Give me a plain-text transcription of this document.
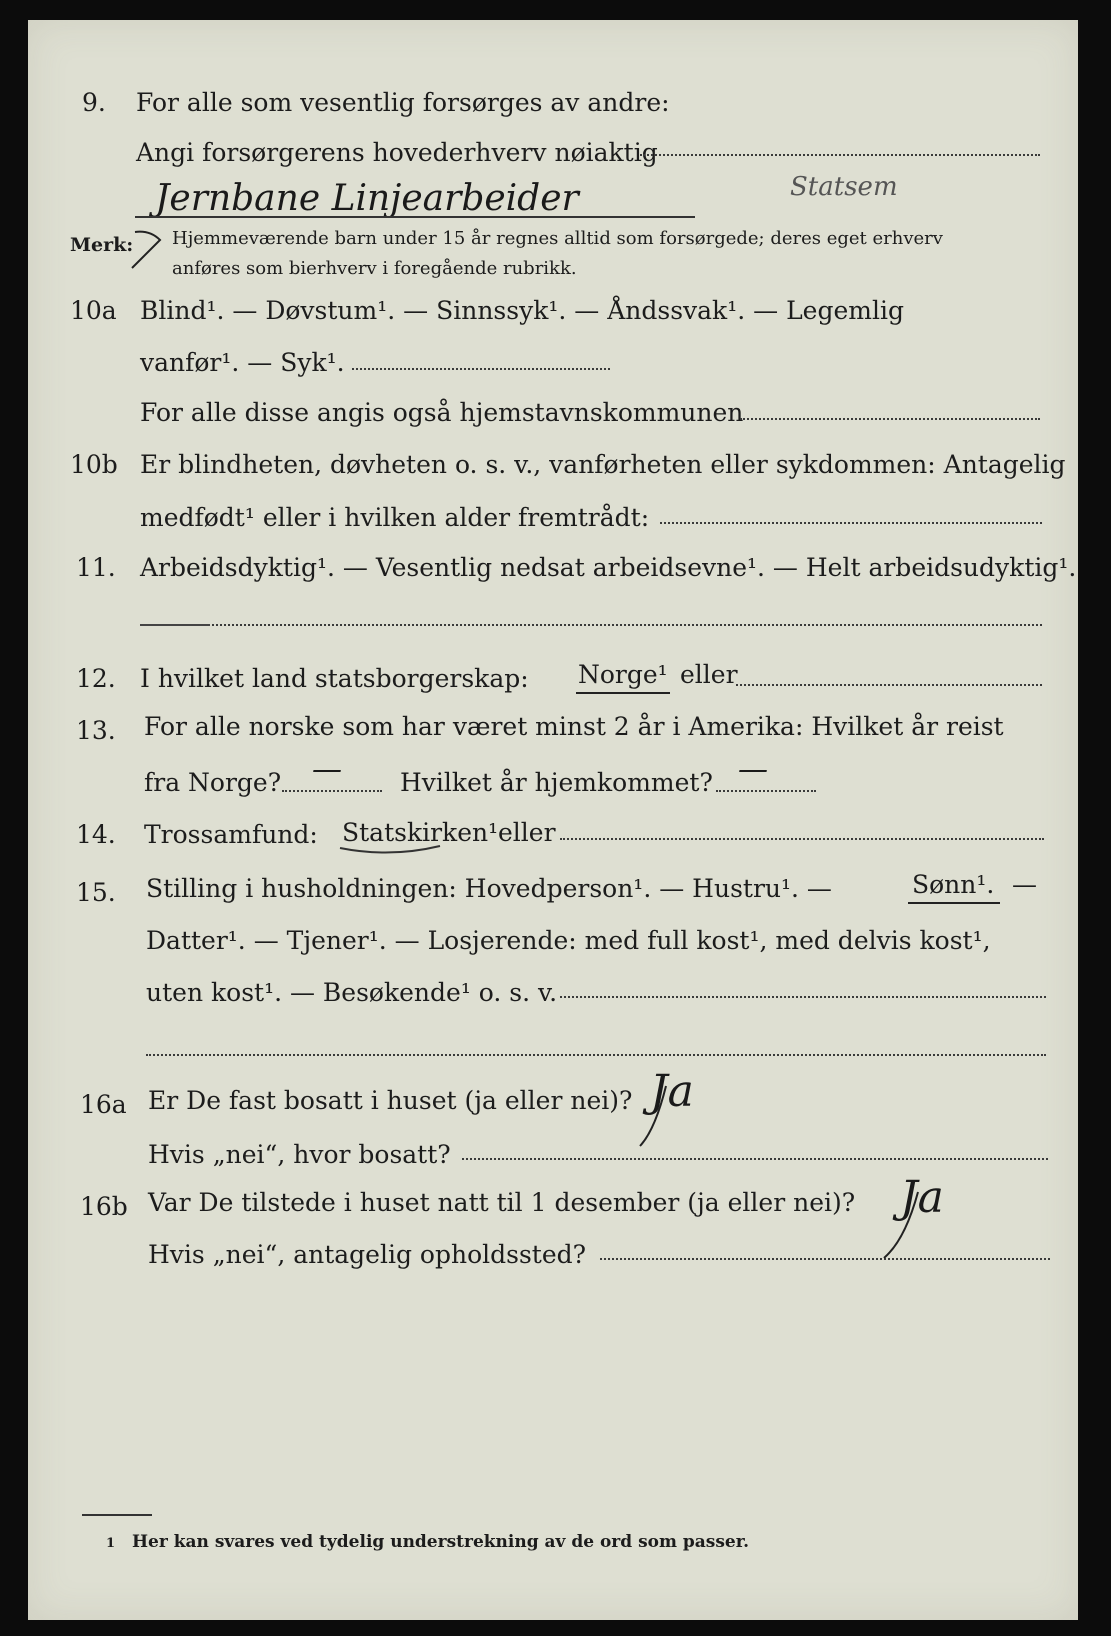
9. For alle som vesentlig forsørges av andre:
Angi forsørgerens hovederhverv nøiaktig
Jernbane Linjearbeider	Statsem
Merk: Hjemmeværende barn under 15 år regnes alltid som forsørgede; deres eget erhverv
anføres som bierhverv i foregående rubrikk.
10a Blind¹. — Døvstum¹. — Sinnssyk¹. — Åndssvak¹. — Legemlig
vanfør¹. — Syk¹.
For alle disse angis også hjemstavnskommunen
10b Er blindheten, døvheten o. s. v., vanførheten eller sykdommen: Antagelig
medfødt¹ eller i hvilken alder fremtrådt:
11. Arbeidsdyktig¹. — Vesentlig nedsat arbeidsevne¹. — Helt arbeidsudyktig¹.
12. I hvilket land statsborgerskap: Norge¹ eller
13. For alle norske som har været minst 2 år i Amerika: Hvilket år reist
fra Norge? — Hvilket år hjemkommet? —
14. Trossamfund: Statskirken¹ eller
15. Stilling i husholdningen: Hovedperson¹. — Hustru¹. —	Sønn¹. —
Datter¹. — Tjener¹. — Losjerende: med full kost¹, med delvis kost¹,
uten kost¹. — Besøkende¹ o. s. v.
16a Er De fast bosatt i huset (ja eller nei)? Ja
Hvis „nei“, hvor bosatt?
16b Var De tilstede i huset natt til 1 desember (ja eller nei)? Ja
Hvis „nei“, antagelig opholdssted?
1 Her kan svares ved tydelig understrekning av de ord som passer.
